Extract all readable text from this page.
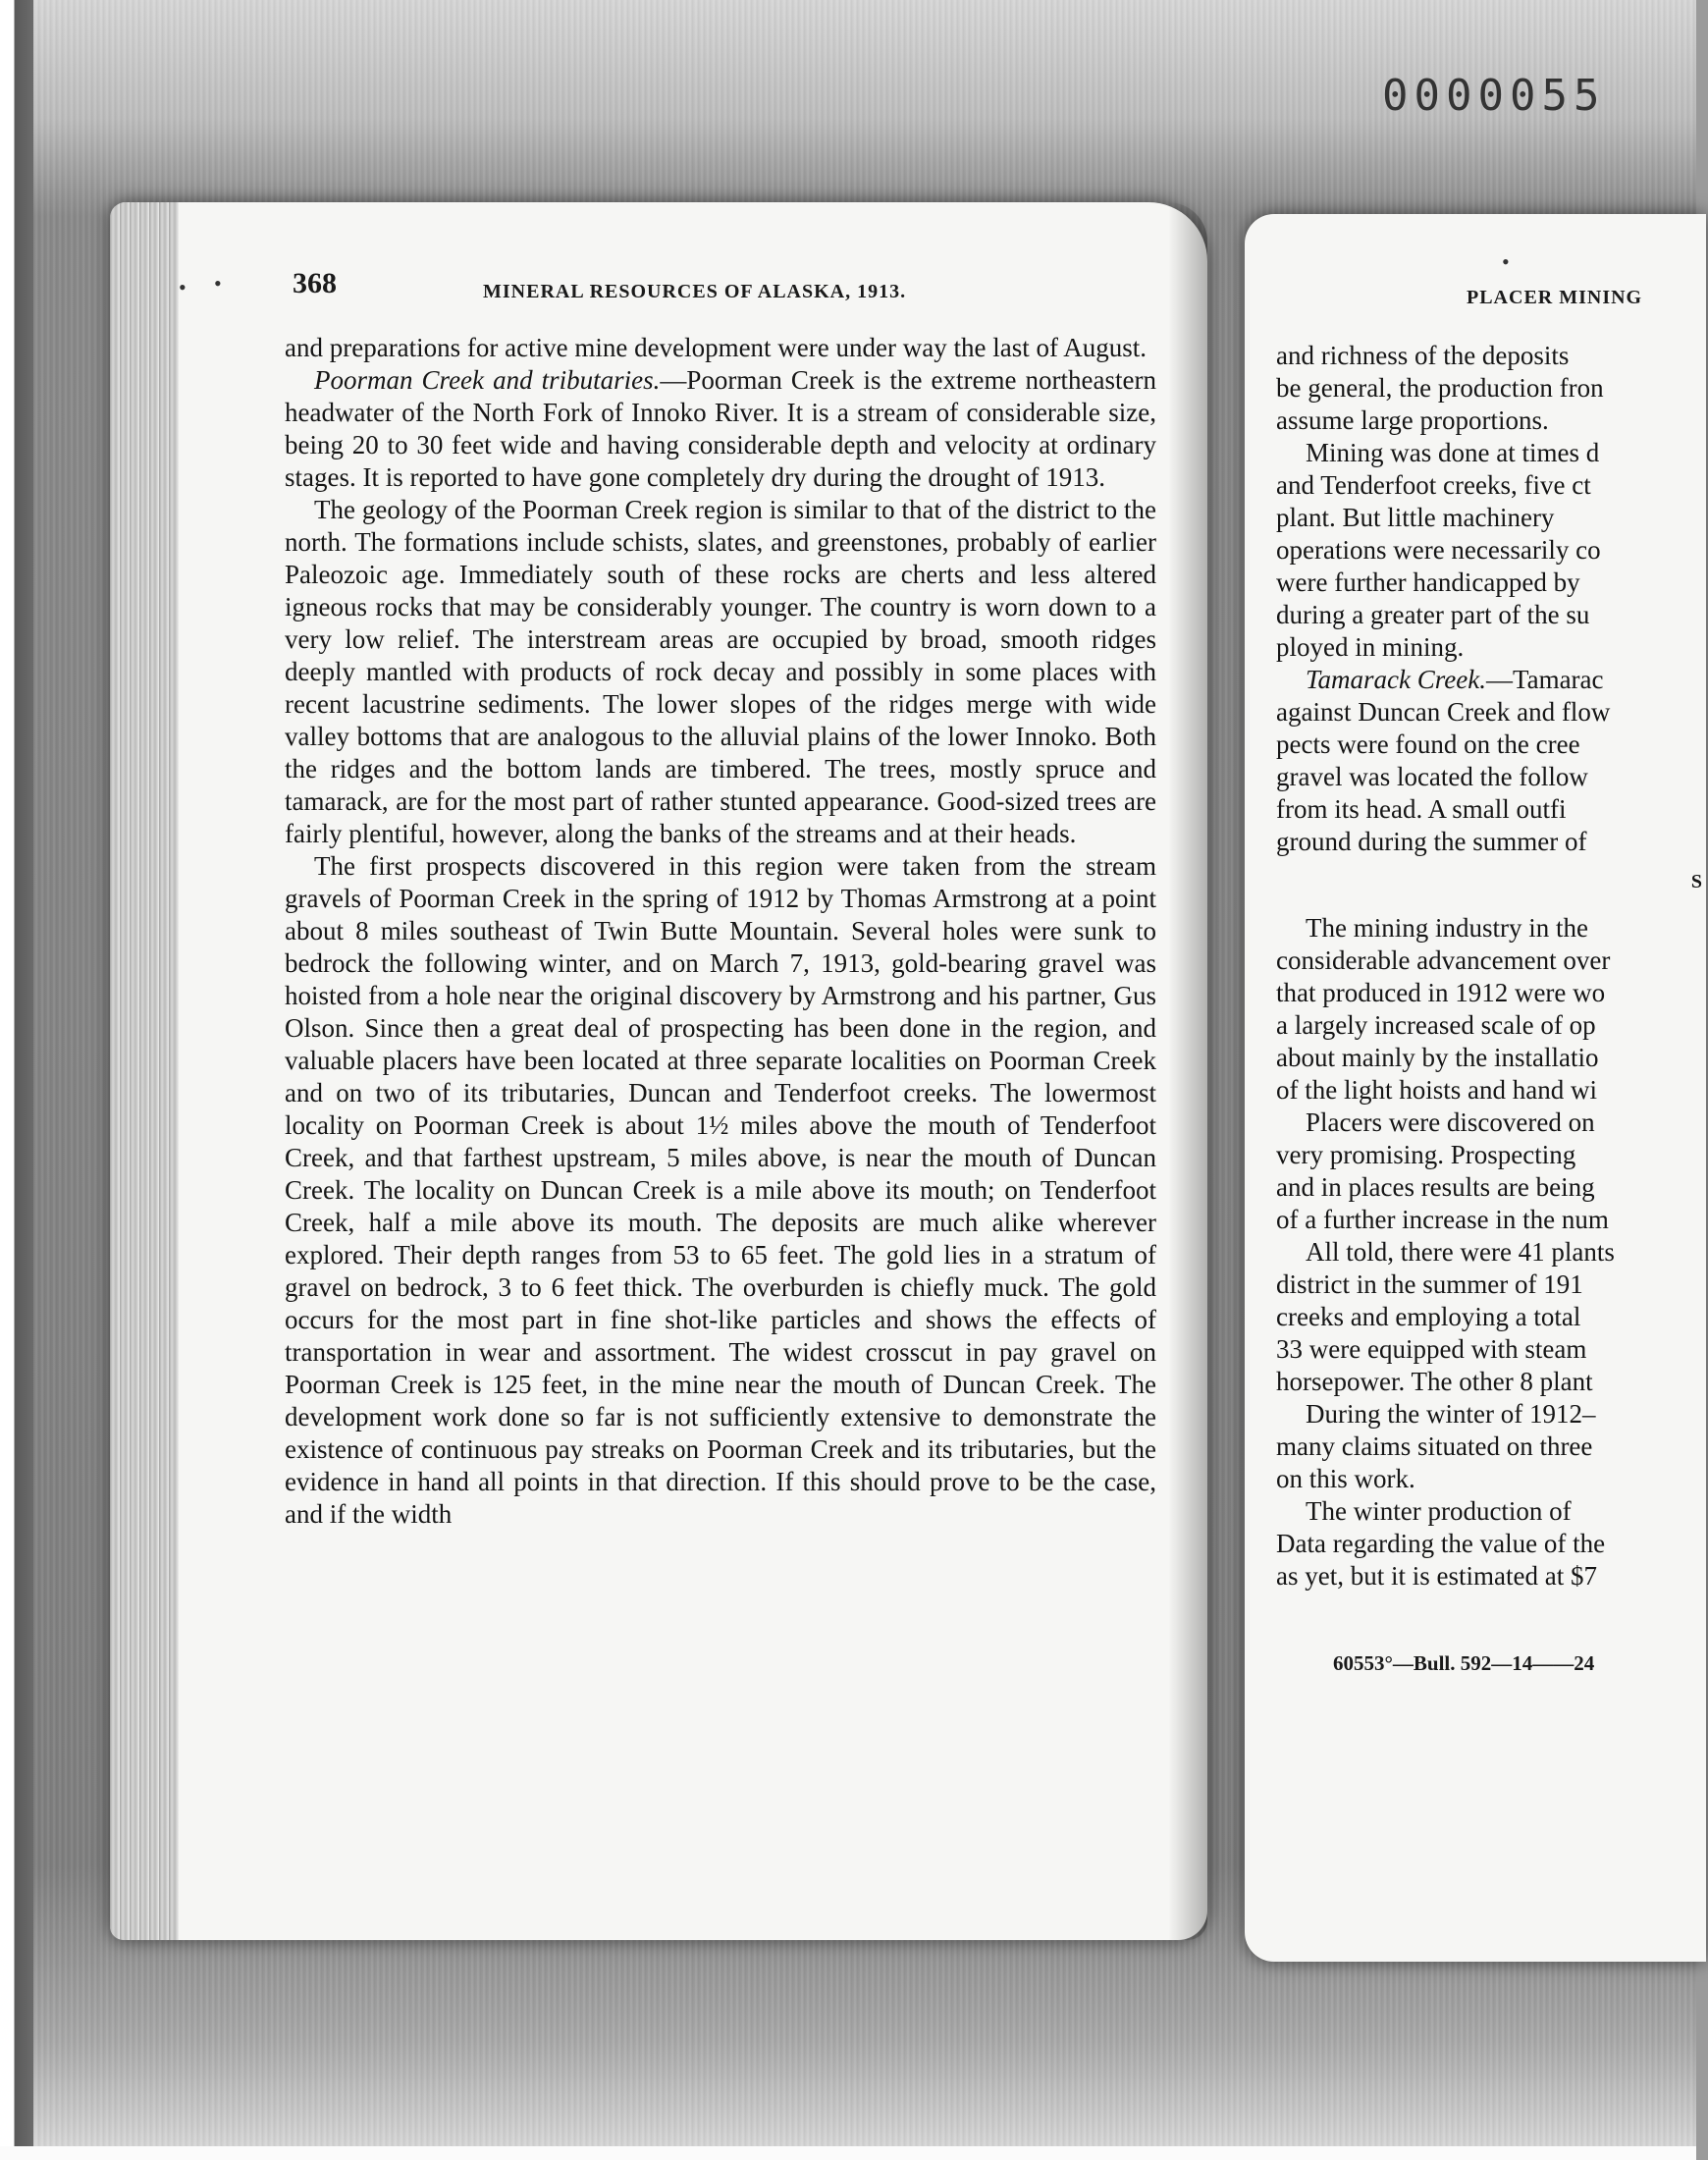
0000055
• • 368	MINERAL RESOURCES OF ALASKA, 1913.

and preparations for active mine development were under way the last of August.

Poorman Creek and tributaries.—Poorman Creek is the extreme northeastern headwater of the North Fork of Innoko River. It is a stream of considerable size, being 20 to 30 feet wide and having considerable depth and velocity at ordinary stages. It is reported to have gone completely dry during the drought of 1913.

The geology of the Poorman Creek region is similar to that of the district to the north. The formations include schists, slates, and greenstones, probably of earlier Paleozoic age. Immediately south of these rocks are cherts and less altered igneous rocks that may be considerably younger. The country is worn down to a very low relief. The interstream areas are occupied by broad, smooth ridges deeply mantled with products of rock decay and possibly in some places with recent lacustrine sediments. The lower slopes of the ridges merge with wide valley bottoms that are analogous to the alluvial plains of the lower Innoko. Both the ridges and the bottom lands are timbered. The trees, mostly spruce and tamarack, are for the most part of rather stunted appearance. Good-sized trees are fairly plentiful, however, along the banks of the streams and at their heads.

The first prospects discovered in this region were taken from the stream gravels of Poorman Creek in the spring of 1912 by Thomas Armstrong at a point about 8 miles southeast of Twin Butte Mountain. Several holes were sunk to bedrock the following winter, and on March 7, 1913, gold-bearing gravel was hoisted from a hole near the original discovery by Armstrong and his partner, Gus Olson. Since then a great deal of prospecting has been done in the region, and valuable placers have been located at three separate localities on Poorman Creek and on two of its tributaries, Duncan and Tenderfoot creeks. The lowermost locality on Poorman Creek is about 1½ miles above the mouth of Tenderfoot Creek, and that farthest upstream, 5 miles above, is near the mouth of Duncan Creek. The locality on Duncan Creek is a mile above its mouth; on Tenderfoot Creek, half a mile above its mouth. The deposits are much alike wherever explored. Their depth ranges from 53 to 65 feet. The gold lies in a stratum of gravel on bedrock, 3 to 6 feet thick. The overburden is chiefly muck. The gold occurs for the most part in fine shot-like particles and shows the effects of transportation in wear and assortment. The widest crosscut in pay gravel on Poorman Creek is 125 feet, in the mine near the mouth of Duncan Creek. The development work done so far is not sufficiently extensive to demonstrate the existence of continuous pay streaks on Poorman Creek and its tributaries, but the evidence in hand all points in that direction. If this should prove to be the case, and if the width

•
PLACER MINING
and richness of the deposits
be general, the production fron
assume large proportions.
Mining was done at times d
and Tenderfoot creeks, five ct
plant. But little machinery
operations were necessarily co
were further handicapped by
during a greater part of the su
ployed in mining.
Tamarack Creek.—Tamarac
against Duncan Creek and flow
pects were found on the cree
gravel was located the follow
from its head. A small outfi
ground during the summer of
S
The mining industry in the
considerable advancement over
that produced in 1912 were wo
a largely increased scale of op
about mainly by the installatio
of the light hoists and hand wi
Placers were discovered on
very promising. Prospecting
and in places results are being
of a further increase in the num
All told, there were 41 plants
district in the summer of 191
creeks and employing a total
33 were equipped with steam
horsepower. The other 8 plant
During the winter of 1912–
many claims situated on three
on this work.
The winter production of
Data regarding the value of the
as yet, but it is estimated at $7
60553°—Bull. 592—14——24
